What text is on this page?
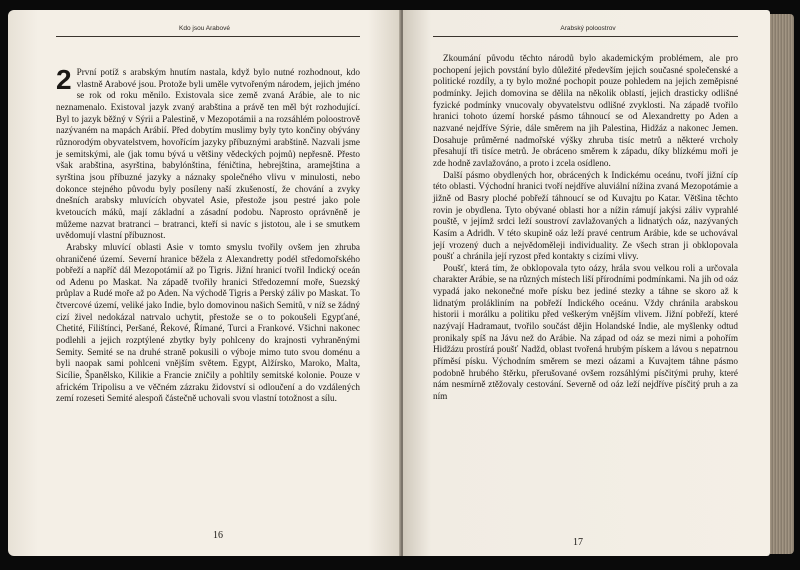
Kdo jsou Arabové

2 První potíž s arabským hnutím nastala, když bylo nutné rozhodnout, kdo vlastně Arabové jsou. Protože byli uměle vytvořeným národem, jejich jméno se rok od roku měnilo. Existovala sice země zvaná Arábie, ale to nic neznamenalo. Existoval jazyk zvaný arabština a právě ten měl být rozhodující. Byl to jazyk běžný v Sýrii a Palestině, v Mezopotámii a na rozsáhlém poloostrově nazývaném na mapách Arábií. Před dobytím muslimy byly tyto končiny obývány různorodým obyvatelstvem, hovořícím jazyky příbuznými arabštině. Nazvali jsme je semitskými, ale (jak tomu bývá u většiny vědeckých pojmů) nepřesně. Přesto však arabština, asyrština, babylónština, féničtina, hebrejština, aramejština a syrština jsou příbuzné jazyky a náznaky společného vlivu v minulosti, nebo dokonce stejného původu byly posíleny naší zkušeností, že chování a zvyky dnešních arabsky mluvících obyvatel Asie, přestože jsou pestré jako pole kvetoucích máků, mají základní a zásadní podobu. Naprosto oprávněně je můžeme nazvat bratranci – bratranci, kteří si navíc s jistotou, ale i se smutkem uvědomují vlastní příbuznost.

Arabsky mluvící oblasti Asie v tomto smyslu tvořily ovšem jen zhruba ohraničené území. Severní hranice běžela z Alexandretty podél středomořského pobřeží a napříč dál Mezopotámií až po Tigris. Jižní hranicí tvořil Indický oceán od Adenu po Maskat. Na západě tvořily hranici Středozemní moře, Suezský průplav a Rudé moře až po Aden. Na východě Tigris a Perský záliv po Maskat. To čtvercové území, veliké jako Indie, bylo domovinou našich Semitů, v níž se žádný cizí živel nedokázal natrvalo uchytit, přestože se o to pokoušeli Egypťané, Chetité, Filištínci, Peršané, Řekové, Římané, Turci a Frankové. Všichni nakonec podlehli a jejich rozptýlené zbytky byly pohlceny do krajnosti vyhraněnými Semity. Semité se na druhé straně pokusili o výboje mimo tuto svou doménu a byli naopak sami pohlceni vnějším světem. Egypt, Alžírsko, Maroko, Malta, Sicílie, Španělsko, Kilikie a Francie zničily a pohltily semitské kolonie. Pouze v africkém Tripolisu a ve věčném zázraku židovství si odloučení a do vzdálených zemí rozeseti Semité alespoň částečně uchovali svou vlastní totožnost a sílu.

16
Arabský poloostrov

Zkoumání původu těchto národů bylo akademickým problémem, ale pro pochopení jejich povstání bylo důležité především jejich současné společenské a politické rozdíly, a ty bylo možné pochopit pouze pohledem na jejich zeměpisné podmínky. Jejich domovina se dělila na několik oblastí, jejich drasticky odlišné fyzické podmínky vnucovaly obyvatelstvu odlišné zvyklosti. Na západě tvořilo hranici tohoto území horské pásmo táhnoucí se od Alexandretty po Aden a nazvané nejdříve Sýrie, dále směrem na jih Palestina, Hidžáz a nakonec Jemen. Dosahuje průměrné nadmořské výšky zhruba tisíc metrů a některé vrcholy přesahují tři tisíce metrů. Je obráceno směrem k západu, díky blízkému moři je zde hodně zavlažováno, a proto i zcela osídleno.

Další pásmo obydlených hor, obrácených k Indickému oceánu, tvoří jižní cíp této oblasti. Východní hranici tvoří nejdříve aluviální nížina zvaná Mezopotámie a jižně od Basry ploché pobřeží táhnoucí se od Kuvajtu po Katar. Většina těchto rovin je obydlena. Tyto obývané oblasti hor a nížin rámují jakýsi záliv vyprahlé pouště, v jejímž srdci leží soustroví zavlažovaných a lidnatých oáz, nazývaných Kasím a Adridh. V této skupině oáz leží pravé centrum Arábie, kde se uchovával její vrozený duch a nejvědoměleji individuality. Ze všech stran ji obklopovala poušť a chránila její ryzost před kontakty s cizími vlivy.

Poušť, která tím, že obklopovala tyto oázy, hrála svou velkou roli a určovala charakter Arábie, se na různých místech liší přírodními podmínkami. Na jih od oáz vypadá jako nekonečné moře písku bez jediné stezky a táhne se skoro až k lidnatým prolákliním na pobřeží Indického oceánu. Vždy chránila arabskou historii i morálku a politiku před veškerým vnějším vlivem. Jižní pobřeží, které nazývají Hadramaut, tvořilo součást dějin Holandské Indie, ale myšlenky odtud pronikaly spíš na Jávu než do Arábie. Na západ od oáz se mezi nimi a pohořím Hidžázu prostírá poušť Nadžd, oblast tvořená hrubým pískem a lávou s nepatrnou příměsí písku. Východním směrem se mezi oázami a Kuvajtem táhne pásmo podobně hrubého štěrku, přerušované ovšem rozsáhlými písčitými pruhy, které nám nesmírně ztěžovaly cestování. Severně od oáz leží nejdříve písčitý pruh a za ním

17
